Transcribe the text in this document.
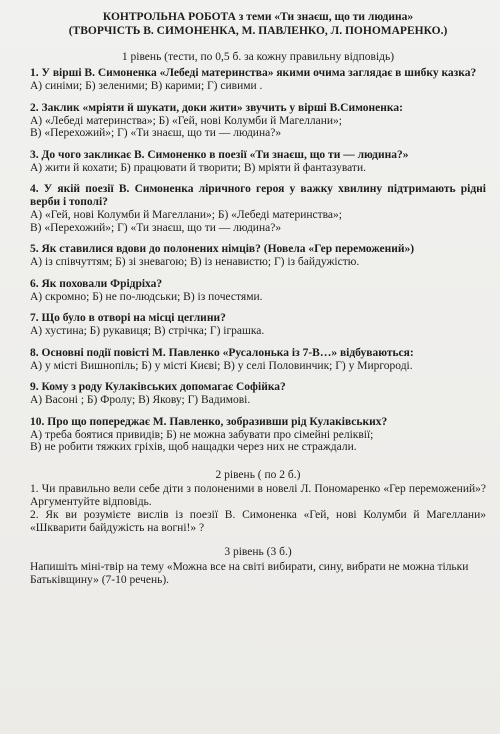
КОНТРОЛЬНА РОБОТА з теми «Ти знаєш, що ти людина»
(ТВОРЧІСТЬ В. СИМОНЕНКА, М. ПАВЛЕНКО, Л. ПОНОМАРЕНКО.)
1 рівень (тести, по 0,5 б. за кожну правильну відповідь)
1. У вірші В. Симоненка «Лебеді материнства» якими очима заглядає в шибку казка?
А) синіми; Б) зеленими; В) карими; Г) сивими .
2. Заклик «мріяти й шукати, доки жити» звучить у вірші В.Симоненка:
А) «Лебеді материнства»; Б) «Гей, нові Колумби й Магеллани»;
В) «Перехожий»; Г) «Ти знаєш, що ти — людина?»
3. До чого закликає В. Симоненко в поезії «Ти знаєш, що ти — людина?»
А) жити й кохати; Б) працювати й творити; В) мріяти й фантазувати.
4. У якій поезії В. Симоненка ліричного героя у важку хвилину підтримають рідні верби і тополі?
А) «Гей, нові Колумби й Магеллани»; Б) «Лебеді материнства»;
В) «Перехожий»; Г) «Ти знаєш, що ти — людина?»
5. Як ставилися вдови до полонених німців? (Новела «Гер переможений»)
А) із співчуттям; Б) зі зневагою; В) із ненавистю; Г) із байдужістю.
6. Як поховали Фрідріха?
А) скромно; Б) не по-людськи; В) із почестями.
7. Що було в отворі на місці цеглини?
А) хустина; Б) рукавиця; В) стрічка; Г) іграшка.
8. Основні події повісті М. Павленко «Русалонька із 7-В…» відбуваються:
А) у місті Вишнопіль; Б) у місті Києві; В) у селі Половинчик; Г) у Миргороді.
9. Кому з роду Кулаківських допомагає Софійка?
А) Васоні ; Б) Фролу; В) Якову; Г) Вадимові.
10. Про що попереджає М. Павленко, зобразивши рід Кулаківських?
А) треба боятися привидів; Б) не можна забувати про сімейні реліквії;
В) не робити тяжких гріхів, щоб нащадки через них не страждали.
2 рівень ( по 2 б.)
1. Чи правильно вели себе діти з полоненими в новелі Л. Пономаренко «Гер переможений»? Аргументуйте відповідь.
2. Як ви розумієте вислів із поезії В. Симоненка «Гей, нові Колумби й Магеллани» «Шкварити байдужість на вогні!» ?
3 рівень (3 б.)
Напишіть міні-твір на тему «Можна все на світі вибирати, сину, вибрати не можна тільки Батьківщину» (7-10 речень).
